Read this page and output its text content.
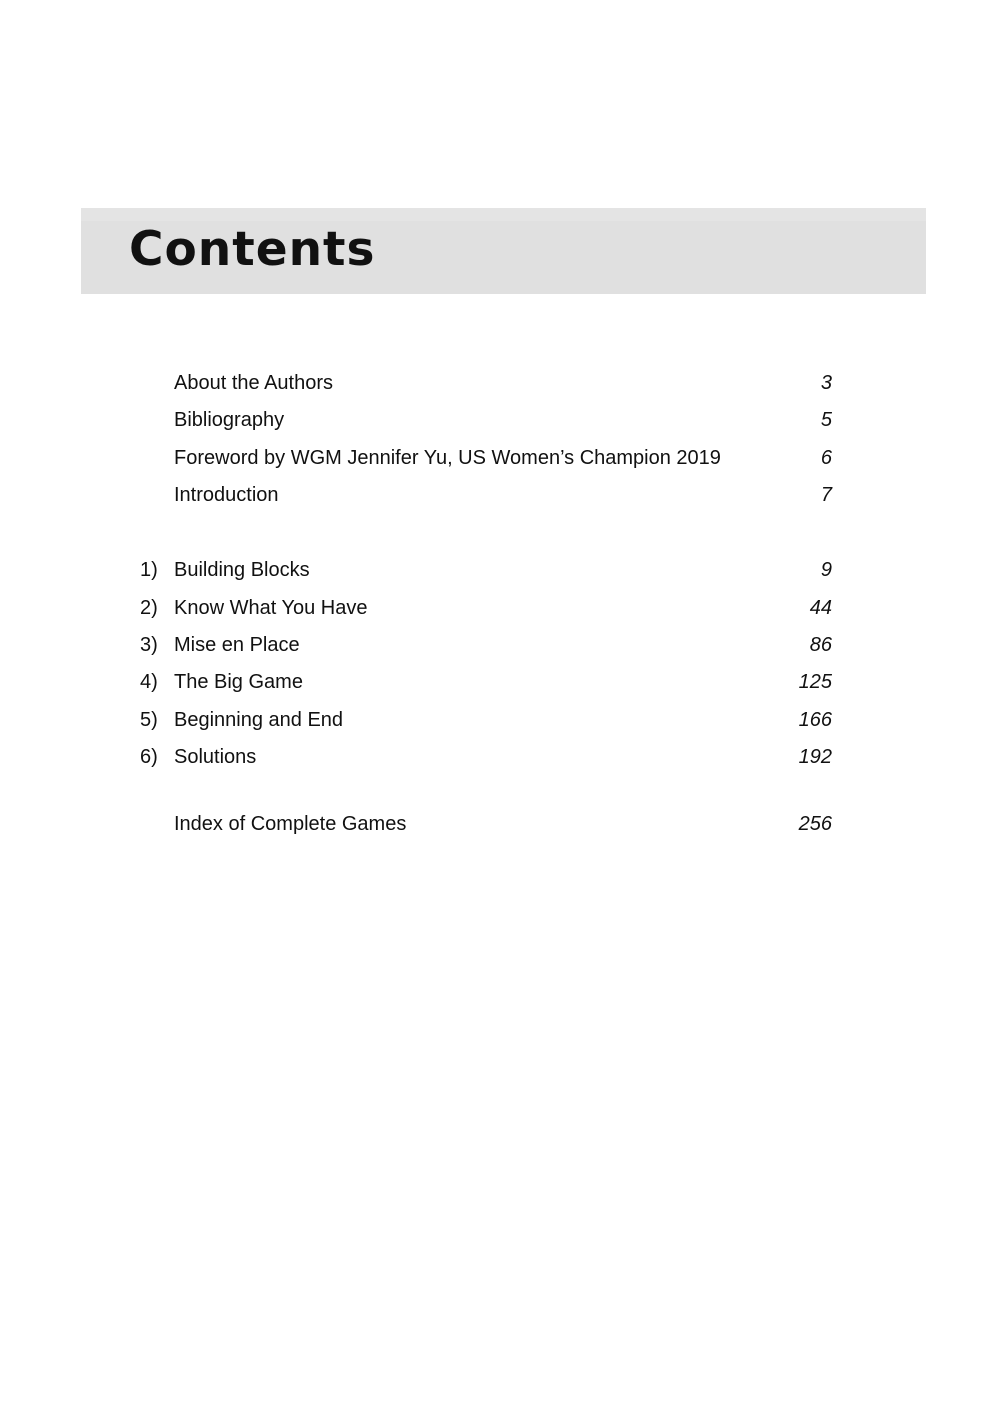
Contents
About the Authors	3
Bibliography	5
Foreword by WGM Jennifer Yu, US Women’s Champion 2019	6
Introduction	7
1) Building Blocks	9
2) Know What You Have	44
3) Mise en Place	86
4) The Big Game	125
5) Beginning and End	166
6) Solutions	192
Index of Complete Games	256
